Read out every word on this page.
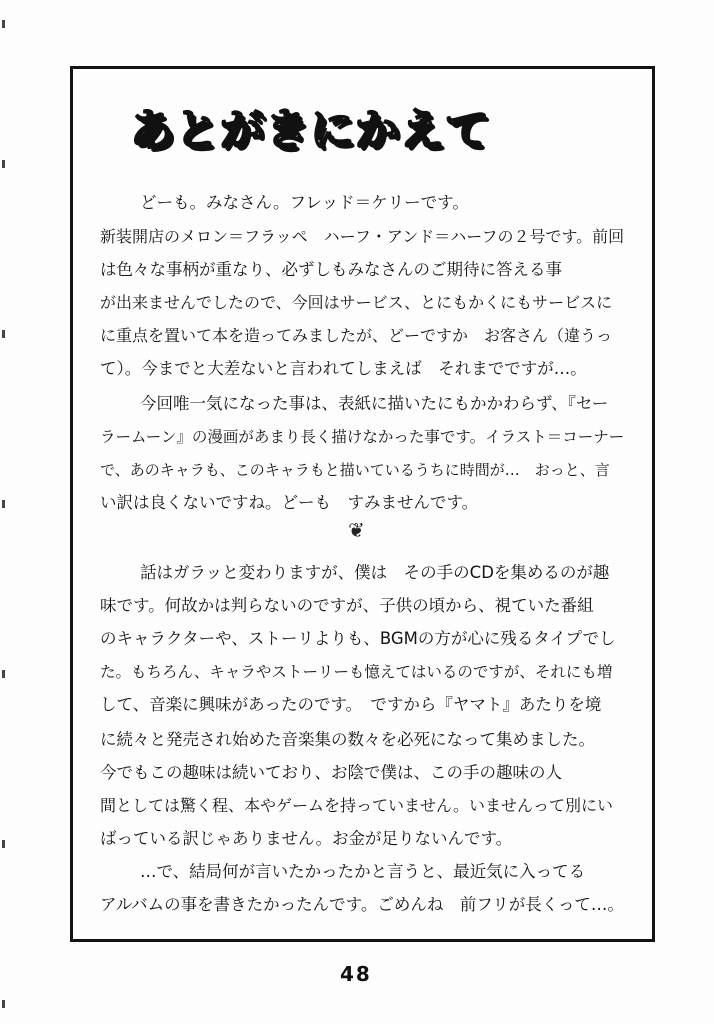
あとがきにかえて
どーも。みなさん。フレッド＝ケリーです。
新装開店のメロン＝フラッペ　ハーフ・アンド＝ハーフの２号です。前回
は色々な事柄が重なり、必ずしもみなさんのご期待に答える事
が出来ませんでしたので、今回はサービス、とにもかくにもサービスに
に重点を置いて本を造ってみましたが、どーですか　お客さん（違うっ
て）。今までと大差ないと言われてしまえば　それまでですが…。
今回唯一気になった事は、表紙に描いたにもかかわらず、『セー
ラームーン』の漫画があまり長く描けなかった事です。イラスト＝コーナー
で、あのキャラも、このキャラもと描いているうちに時間が…　おっと、言
い訳は良くないですね。どーも　すみませんです。
話はガラッと変わりますが、僕は　その手のCDを集めるのが趣
味です。何故かは判らないのですが、子供の頃から、視ていた番組
のキャラクターや、ストーリよりも、BGMの方が心に残るタイプでし
た。もちろん、キャラやストーリーも憶えてはいるのですが、それにも増
して、音楽に興味があったのです。　ですから『ヤマト』あたりを境
に続々と発売され始めた音楽集の数々を必死になって集めました。
今でもこの趣味は続いており、お陰で僕は、この手の趣味の人
間としては驚く程、本やゲームを持っていません。いませんって別にい
ばっている訳じゃありません。お金が足りないんです。
…で、結局何が言いたかったかと言うと、最近気に入ってる
アルバムの事を書きたかったんです。ごめんね　前フリが長くって…。
❦
48
